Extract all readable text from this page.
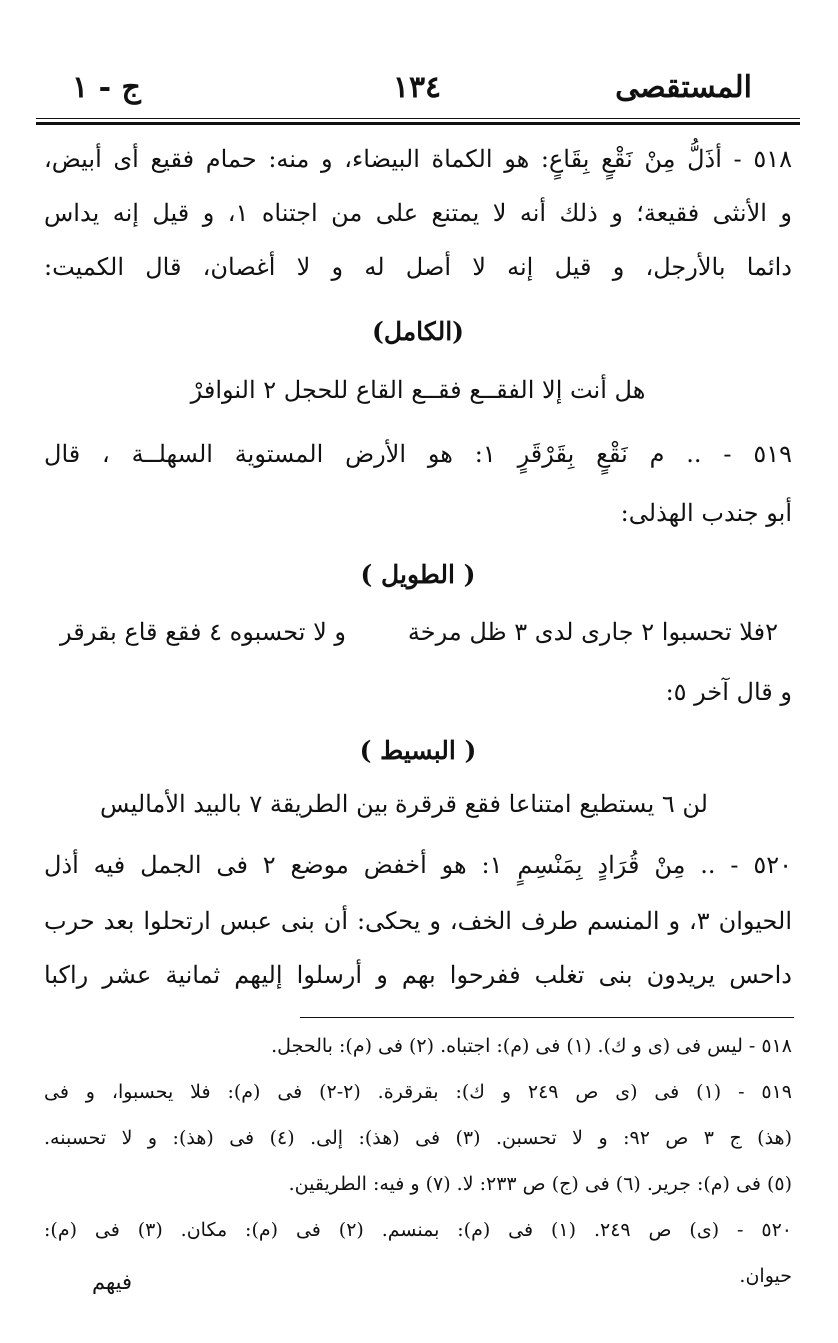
ج - ١	١٣٤	المستقصى
٥١٨ - أذَلُّ مِنْ نَقْعٍ بِقَاعٍ: هو الكماة البيضاء، و منه: حمام فقيع أى أبيض،
و الأنثى فقيعة؛ و ذلك أنه لا يمتنع على من اجتناه ١، و قيل إنه يداس
دائما بالأرجل، و قيل إنه لا أصل له و لا أغصان، قال الكميت:
(الكامل)
هل أنت إلا الفقــع فقــع القاع للحجل ٢ النوافرْ
٥١٩ - .. م نَقْعٍ بِقَرْقَرٍ ١: هو الأرض المستوية السهلــة ، قال
أبو جندب الهذلى:
( الطويل )
٢فلا تحسبوا ٢ جارى لدى ٣ ظل مرخة
و لا تحسبوه ٤ فقع قاع بقرقر
و قال آخر ٥:
( البسيط )
لن ٦ يستطيع امتناعا فقع قرقرة
بين الطريقة ٧ بالبيد الأماليس
٥٢٠ - .. مِنْ قُرَادٍ بِمَنْسِمٍ ١: هو أخفض موضع ٢ فى الجمل فيه أذل
الحيوان ٣، و المنسم طرف الخف، و يحكى: أن بنى عبس ارتحلوا بعد حرب
داحس يريدون بنى تغلب ففرحوا بهم و أرسلوا إليهم ثمانية عشر راكبا
٥١٨ - ليس فى (ى و ك). (١) فى (م): اجتباه. (٢) فى (م): بالحجل.
٥١٩ - (١) فى (ى ص ٢٤٩ و ك): بقرقرة. (٢-٢) فى (م): فلا يحسبوا، و فى
(هذ) ج ٣ ص ٩٢: و لا تحسبن. (٣) فى (هذ): إلى. (٤) فى (هذ): و لا تحسبنه.
(٥) فى (م): جرير. (٦) فى (ج) ص ٢٣٣: لا. (٧) و فيه: الطريقين.
٥٢٠ - (ى) ص ٢٤٩. (١) فى (م): بمنسم. (٢) فى (م): مكان. (٣) فى (م):
حيوان.
فيهم
